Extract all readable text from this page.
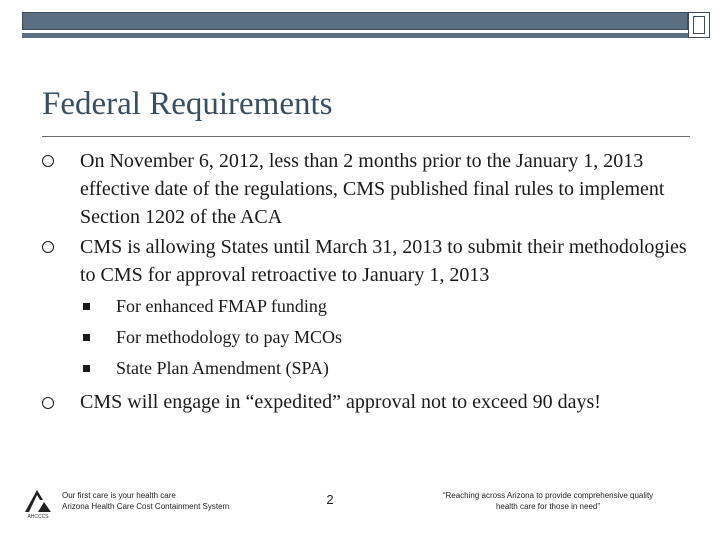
Federal Requirements
On November 6, 2012, less than 2 months prior to the January 1, 2013 effective date of the regulations, CMS published final rules to implement Section 1202 of the ACA
CMS is allowing States until March 31, 2013 to submit their methodologies to CMS for approval retroactive to January 1, 2013
For enhanced FMAP funding
For methodology to pay MCOs
State Plan Amendment (SPA)
CMS will engage in “expedited” approval not to exceed 90 days!
AHCCCS
Our first care is your health care
Arizona Health Care Cost Containment System	2	“Reaching across Arizona to provide comprehensive quality
health care for those in need”
